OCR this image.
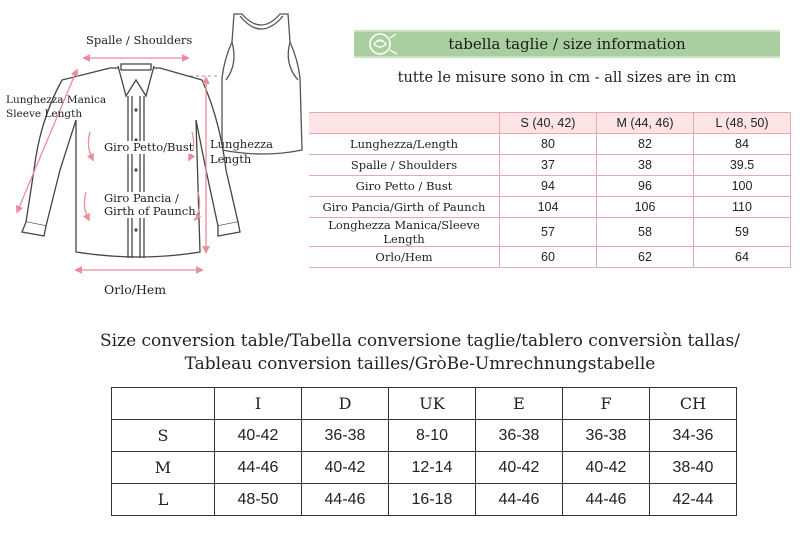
Spalle / Shoulders
Lunghezza Manica
Sleeve Length
Giro Petto/Bust
Giro Pancia /
Girth of Paunch
Lunghezza
Length
Orlo/Hem
tabella taglie / size information
tutte le misure sono in cm - all sizes are in cm
	S (40, 42)	M (44, 46)	L (48, 50)
Lunghezza/Length	80	82	84
Spalle / Shoulders	37	38	39.5
Giro Petto / Bust	94	96	100
Giro Pancia/Girth of Paunch	104	106	110
Longhezza Manica/Sleeve Length	57	58	59
Orlo/Hem	60	62	64
Size conversion table/Tabella conversione taglie/tablero conversiòn tallas/
Tableau conversion tailles/GròBe-Umrechnungstabelle
	I	D	UK	E	F	CH
S	40-42	36-38	8-10	36-38	36-38	34-36
M	44-46	40-42	12-14	40-42	40-42	38-40
L	48-50	44-46	16-18	44-46	44-46	42-44
